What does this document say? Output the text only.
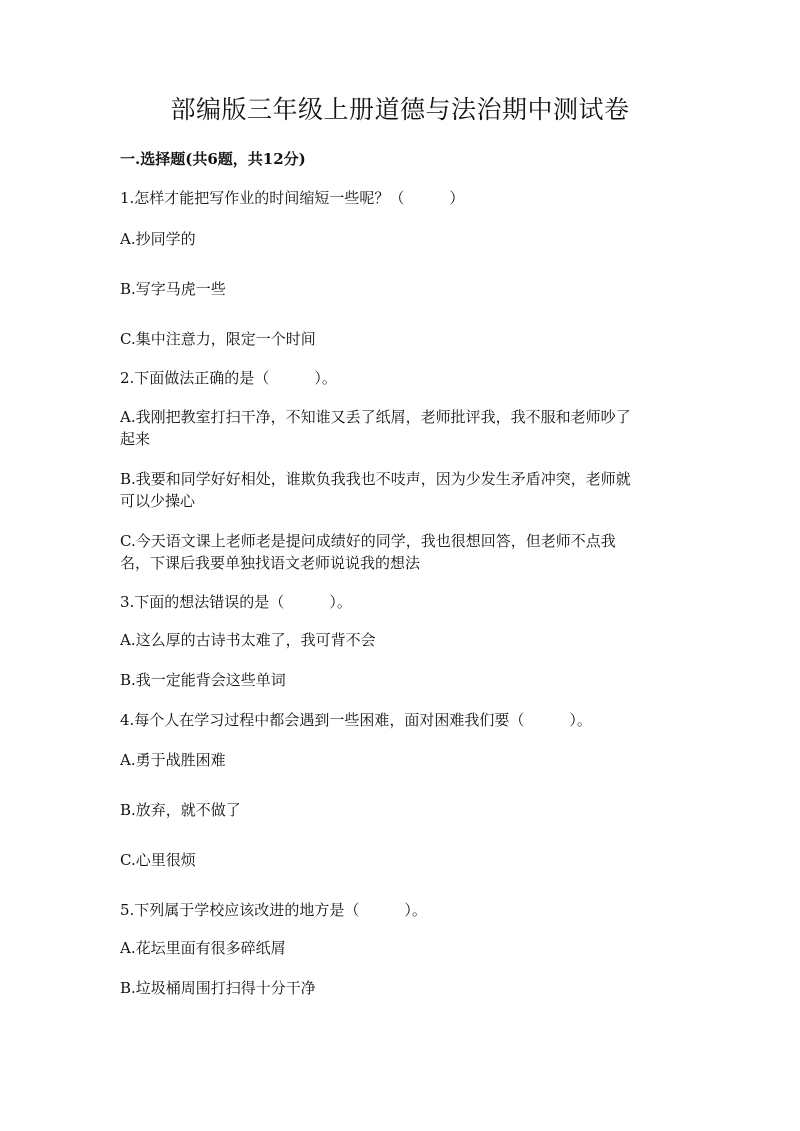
部编版三年级上册道德与法治期中测试卷
一.选择题(共6题，共12分)
1.怎样才能把写作业的时间缩短一些呢？（　　　）
A.抄同学的
B.写字马虎一些
C.集中注意力，限定一个时间
2.下面做法正确的是（　　　）。
A.我刚把教室打扫干净，不知谁又丢了纸屑，老师批评我，我不服和老师吵了
起来
B.我要和同学好好相处，谁欺负我我也不吱声，因为少发生矛盾冲突，老师就
可以少操心
C.今天语文课上老师老是提问成绩好的同学，我也很想回答，但老师不点我
名，下课后我要单独找语文老师说说我的想法
3.下面的想法错误的是（　　　）。
A.这么厚的古诗书太难了，我可背不会
B.我一定能背会这些单词
4.每个人在学习过程中都会遇到一些困难，面对困难我们要（　　　）。
A.勇于战胜困难
B.放弃，就不做了
C.心里很烦
5.下列属于学校应该改进的地方是（　　　）。
A.花坛里面有很多碎纸屑
B.垃圾桶周围打扫得十分干净
